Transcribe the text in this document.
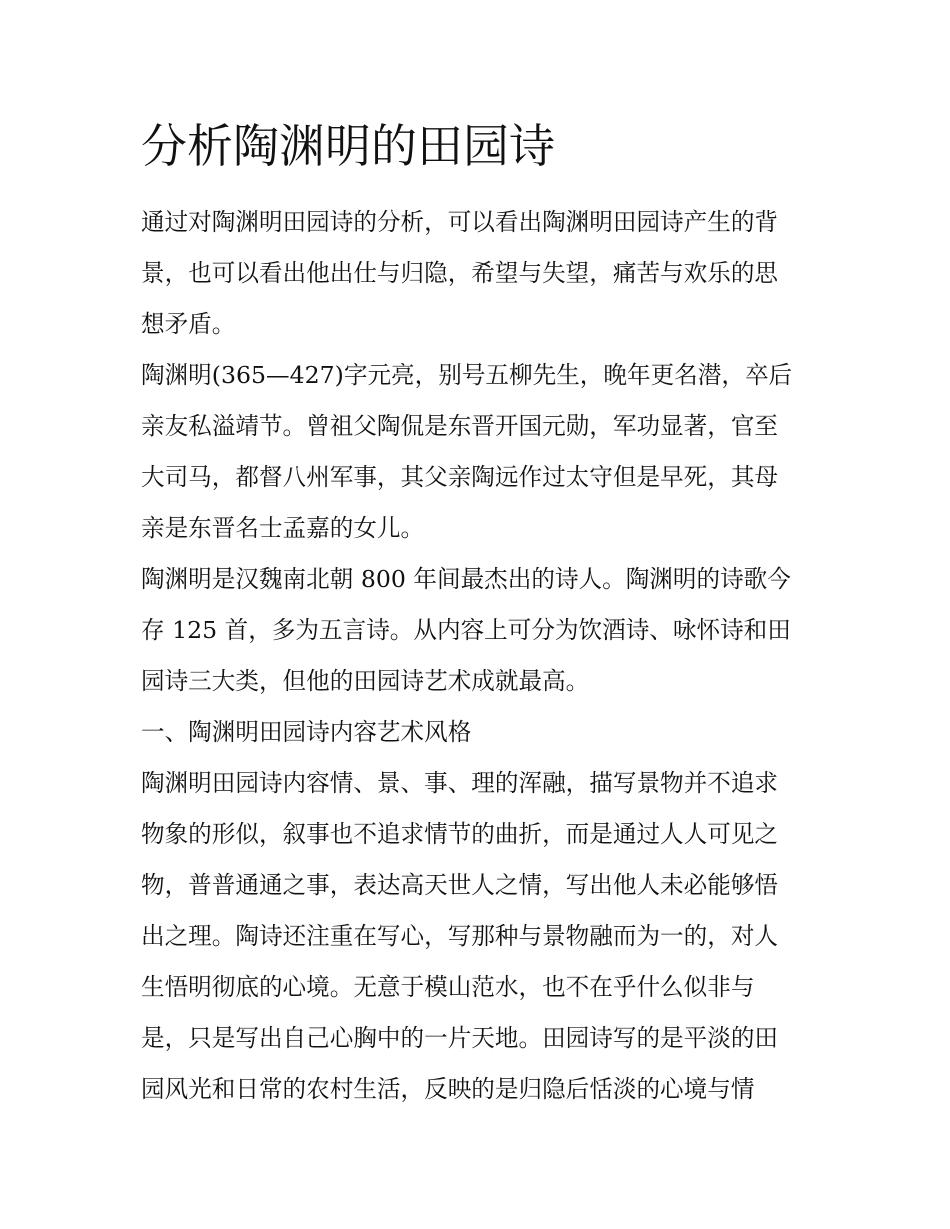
分析陶渊明的田园诗
通过对陶渊明田园诗的分析，可以看出陶渊明田园诗产生的背
景，也可以看出他出仕与归隐，希望与失望，痛苦与欢乐的思
想矛盾。
陶渊明(365—427)字元亮，别号五柳先生，晚年更名潜，卒后
亲友私溢靖节。曾祖父陶侃是东晋开国元勋，军功显著，官至
大司马，都督八州军事，其父亲陶远作过太守但是早死，其母
亲是东晋名士孟嘉的女儿。
陶渊明是汉魏南北朝 800 年间最杰出的诗人。陶渊明的诗歌今
存 125 首，多为五言诗。从内容上可分为饮酒诗、咏怀诗和田
园诗三大类，但他的田园诗艺术成就最高。
一、陶渊明田园诗内容艺术风格
陶渊明田园诗内容情、景、事、理的浑融，描写景物并不追求
物象的形似，叙事也不追求情节的曲折，而是通过人人可见之
物，普普通通之事，表达高天世人之情，写出他人未必能够悟
出之理。陶诗还注重在写心，写那种与景物融而为一的，对人
生悟明彻底的心境。无意于模山范水，也不在乎什么似非与
是，只是写出自己心胸中的一片天地。田园诗写的是平淡的田
园风光和日常的农村生活，反映的是归隐后恬淡的心境与情
